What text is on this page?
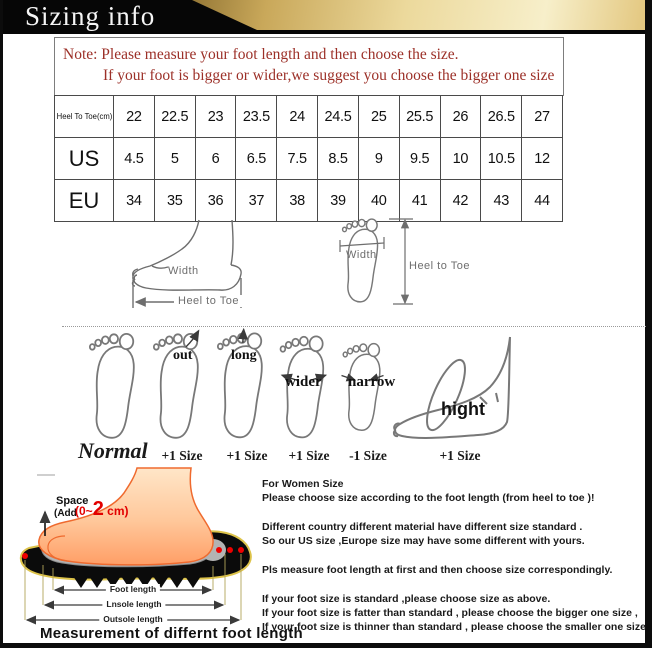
Sizing info

Note: Please measure your foot length and then choose the size.

If your foot is bigger or wider,we suggest you choose the bigger one size

Heel To Toe(cm)	22	22.5	23	23.5	24	24.5	25	25.5	26	26.5	27
US	4.5	5	6	6.5	7.5	8.5	9	9.5	10	10.5	12
EU	34	35	36	37	38	39	40	41	42	43	44
Width
Heel to Toe
Width
Heel to Toe
out	long
wider narrow
hight
Normal +1 Size +1 Size +1 Size -1 Size	+1 Size
Space
(Add
(0~2 cm)
Foot length
Lnsole length
Outsole length

Measurement of differnt foot length

For Women Size

Please choose size according to the foot length (from heel to toe )!

Different country different material have different size standard .

So our US size ,Europe size may have some different with yours.

Pls measure foot length at first and then choose size correspondingly.

If your foot size is standard ,please choose size as above.

If your foot size is fatter than standard , please choose the bigger one size ,

If your foot size is thinner than standard , please choose the smaller one size
